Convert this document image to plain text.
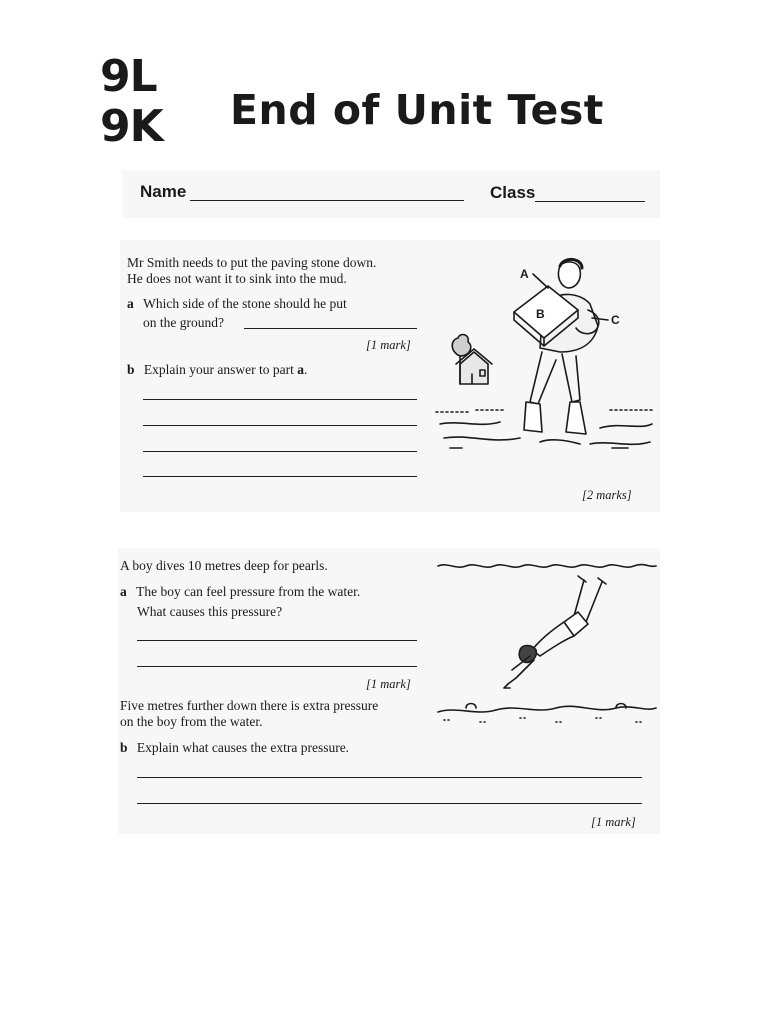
9L
9K End of Unit Test
Name	Class
Mr Smith needs to put the paving stone down.
He does not want it to sink into the mud.
a Which side of the stone should he put
on the ground?
[1 mark]
b Explain your answer to part a.
[2 marks]
A
B	C
A boy dives 10 metres deep for pearls.
a The boy can feel pressure from the water.
What causes this pressure?
[1 mark]
Five metres further down there is extra pressure
on the boy from the water.
b Explain what causes the extra pressure.
[1 mark]
